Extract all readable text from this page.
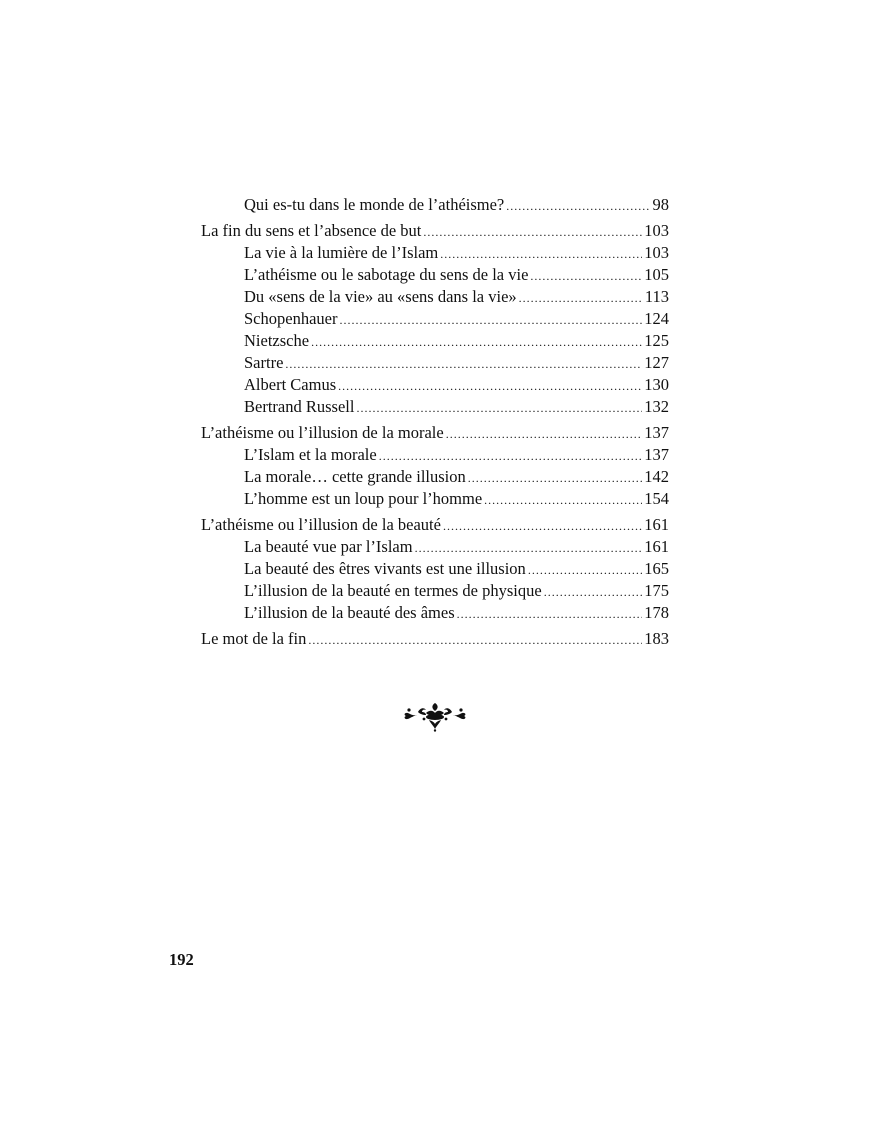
Qui es-tu dans le monde de l’athéisme? .....	98
La fin du sens et l’absence de but .....	103
La vie à la lumière de l’Islam .....	103
L’athéisme ou le sabotage du sens de la vie .....	105
Du «sens de la vie» au «sens dans la vie» .....	113
Schopenhauer .....	124
Nietzsche .....	125
Sartre .....	127
Albert Camus .....	130
Bertrand Russell .....	132
L’athéisme ou l’illusion de la morale .....	137
L’Islam et la morale .....	137
La morale… cette grande illusion .....	142
L’homme est un loup pour l’homme .....	154
L’athéisme ou l’illusion de la beauté .....	161
La beauté vue par l’Islam .....	161
La beauté des êtres vivants est une illusion .....	165
L’illusion de la beauté en termes de physique .....	175
L’illusion de la beauté des âmes .....	178
Le mot de la fin .....	183
192
